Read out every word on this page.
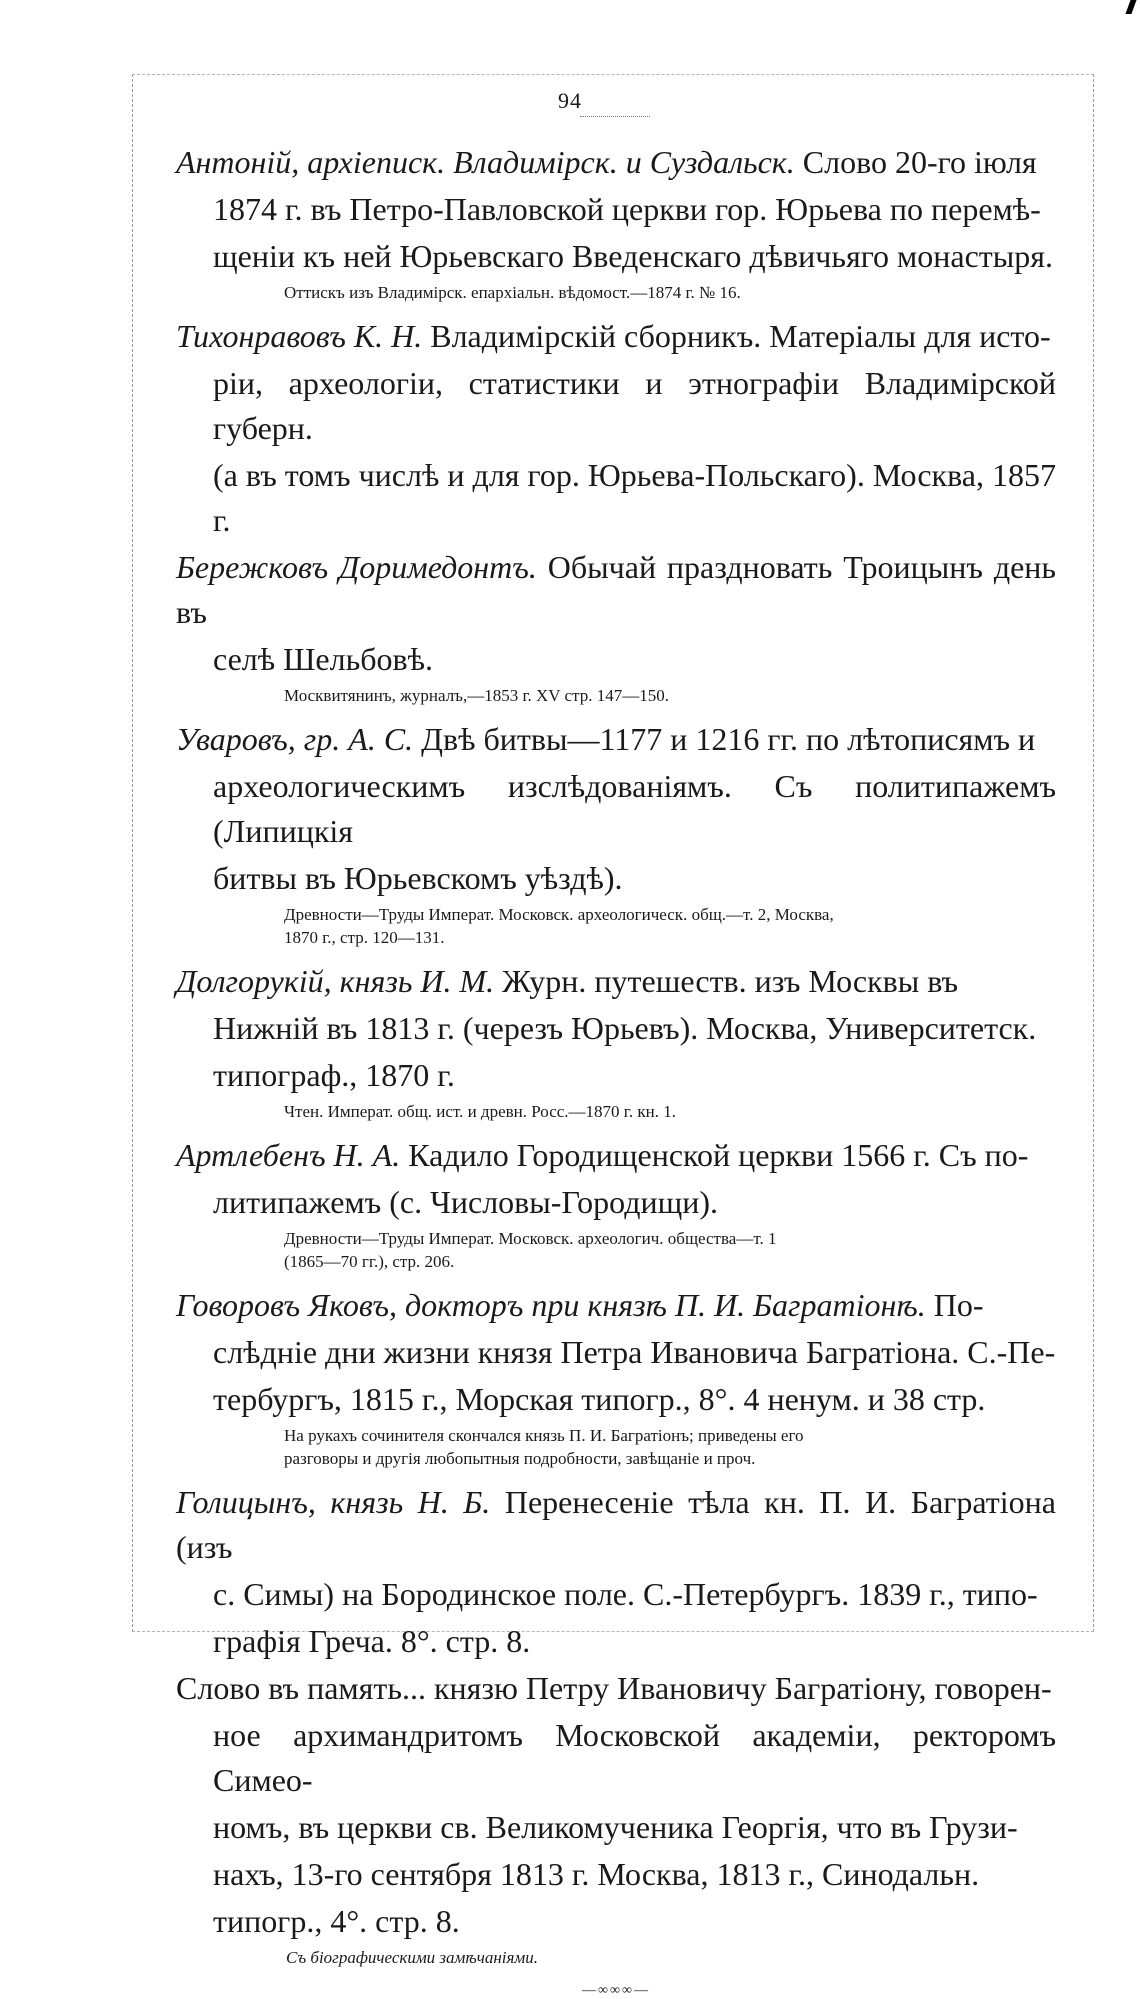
94
Антоній, архіеписк. Владимірск. и Суздальск. Слово 20-го іюля
1874 г. въ Петро-Павловской церкви гор. Юрьева по перемѣ-
щеніи къ ней Юрьевскаго Введенскаго дѣвичьяго монастыря.
Оттискъ изъ Владимірск. епархіальн. вѣдомост.—1874 г. № 16.
Тихонравовъ К. Н. Владимірскій сборникъ. Матеріалы для исто-
ріи, археологіи, статистики и этнографіи Владимірской губерн.
(а въ томъ числѣ и для гор. Юрьева-Польскаго). Москва, 1857 г.
Бережковъ Доримедонтъ. Обычай праздновать Троицынъ день въ
селѣ Шельбовѣ.
Москвитянинъ, журналъ,—1853 г. XV стр. 147—150.
Уваровъ, гр. А. С. Двѣ битвы—1177 и 1216 гг. по лѣтописямъ и
археологическимъ изслѣдованіямъ. Съ политипажемъ (Липицкія
битвы въ Юрьевскомъ уѣздѣ).
Древности—Труды Императ. Московск. археологическ. общ.—т. 2, Москва,
1870 г., стр. 120—131.
Долгорукій, князь И. М. Журн. путешеств. изъ Москвы въ
Нижній въ 1813 г. (черезъ Юрьевъ). Москва, Университетск.
типограф., 1870 г.
Чтен. Императ. общ. ист. и древн. Росс.—1870 г. кн. 1.
Артлебенъ Н. А. Кадило Городищенской церкви 1566 г. Съ по-
литипажемъ (с. Числовы-Городищи).
Древности—Труды Императ. Московск. археологич. общества—т. 1
(1865—70 гг.), стр. 206.
Говоровъ Яковъ, докторъ при князѣ П. И. Багратіонѣ. По-
слѣдніе дни жизни князя Петра Ивановича Багратіона. С.-Пе-
тербургъ, 1815 г., Морская типогр., 8°. 4 ненум. и 38 стр.
На рукахъ сочинителя скончался князь П. И. Багратіонъ; приведены его
разговоры и другія любопытныя подробности, завѣщаніе и проч.
Голицынъ, князь Н. Б. Перенесеніе тѣла кн. П. И. Багратіона (изъ
с. Симы) на Бородинское поле. С.-Петербургъ. 1839 г., типо-
графія Греча. 8°. стр. 8.
Слово въ память... князю Петру Ивановичу Багратіону, говорен-
ное архимандритомъ Московской академіи, ректоромъ Симео-
номъ, въ церкви св. Великомученика Георгія, что въ Грузи-
нахъ, 13-го сентября 1813 г. Москва, 1813 г., Синодальн.
типогр., 4°. стр. 8.
Съ біографическими замѣчаніями.
—∞∞∞—
